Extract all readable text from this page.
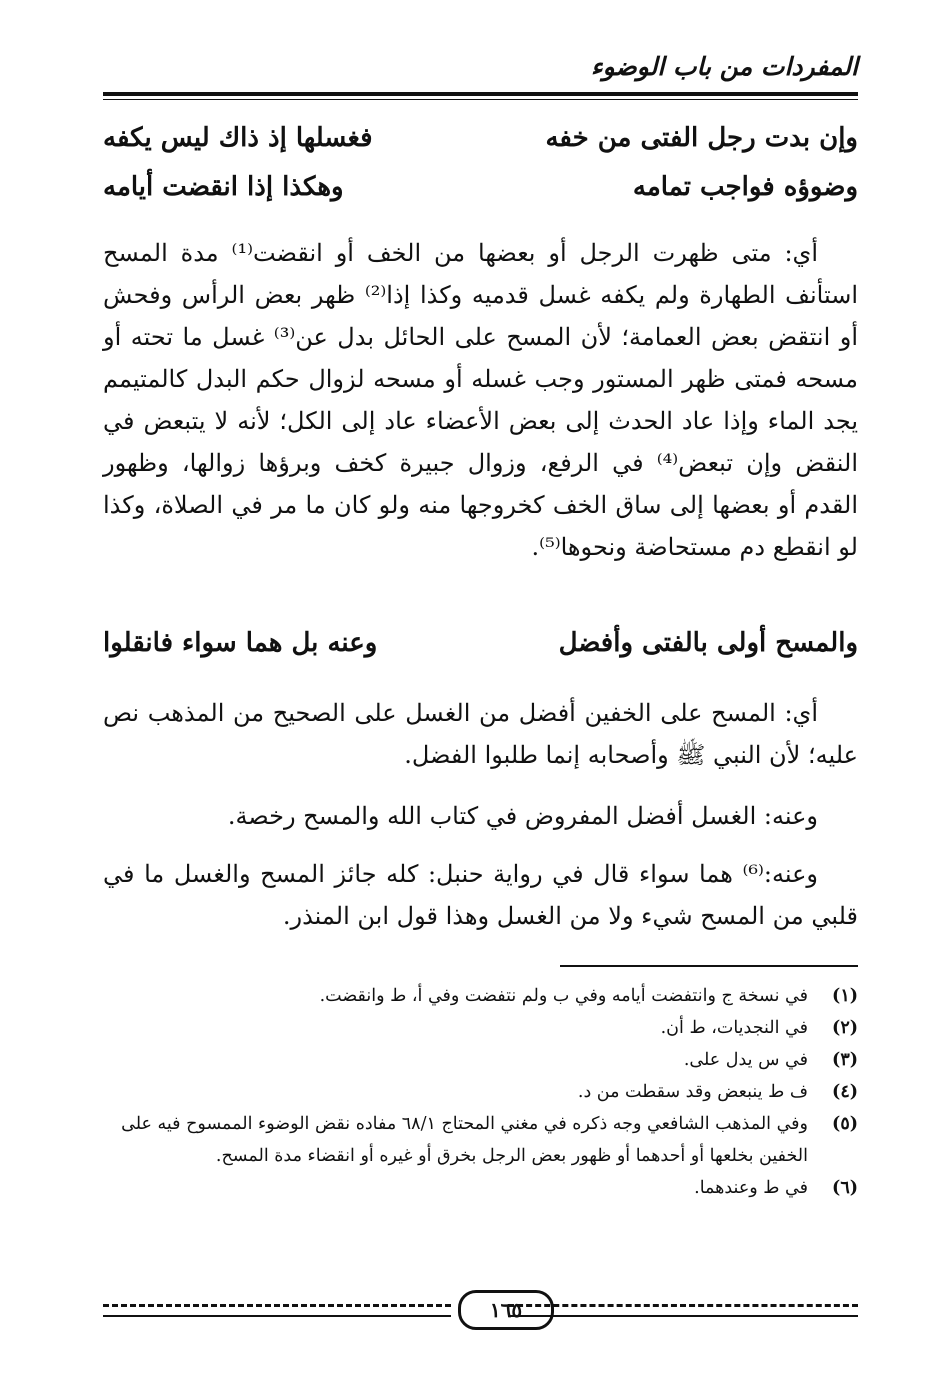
المفردات من باب الوضوء
وإن بدت رجل الفتى من خفه
فغسلها إذ ذاك ليس يكفه
وضوؤه فواجب تمامه
وهكذا إذا انقضت أيامه
أي: متى ظهرت الرجل أو بعضها من الخف أو انقضت⁽¹⁾ مدة المسح استأنف الطهارة ولم يكفه غسل قدميه وكذا إذا⁽²⁾ ظهر بعض الرأس وفحش أو انتقض بعض العمامة؛ لأن المسح على الحائل بدل عن⁽³⁾ غسل ما تحته أو مسحه فمتى ظهر المستور وجب غسله أو مسحه لزوال حكم البدل كالمتيمم يجد الماء وإذا عاد الحدث إلى بعض الأعضاء عاد إلى الكل؛ لأنه لا يتبعض في النقض وإن تبعض⁽⁴⁾ في الرفع، وزوال جبيرة كخف وبرؤها زوالها، وظهور القدم أو بعضها إلى ساق الخف كخروجها منه ولو كان ما مر في الصلاة، وكذا لو انقطع دم مستحاضة ونحوها⁽⁵⁾.
والمسح أولى بالفتى وأفضل
وعنه بل هما سواء فانقلوا
أي: المسح على الخفين أفضل من الغسل على الصحيح من المذهب نص عليه؛ لأن النبي ﷺ وأصحابه إنما طلبوا الفضل.
وعنه: الغسل أفضل المفروض في كتاب الله والمسح رخصة.
وعنه:⁽⁶⁾ هما سواء قال في رواية حنبل: كله جائز المسح والغسل ما في قلبي من المسح شيء ولا من الغسل وهذا قول ابن المنذر.
(١)
في نسخة ج وانتفضت أيامه وفي ب ولم نتفضت وفي أ، ط وانقضت.
(٢)
في النجديات، ط أن.
(٣)
في س يدل على.
(٤)
ف ط ينبعض وقد سقطت من د.
(٥)
وفي المذهب الشافعي وجه ذكره في مغني المحتاج ٦٨/١ مفاده نقض الوضوء الممسوح فيه على الخفين بخلعها أو أحدهما أو ظهور بعض الرجل بخرق أو غيره أو انقضاء مدة المسح.
(٦)
في ط وعندهما.
١٦٥
